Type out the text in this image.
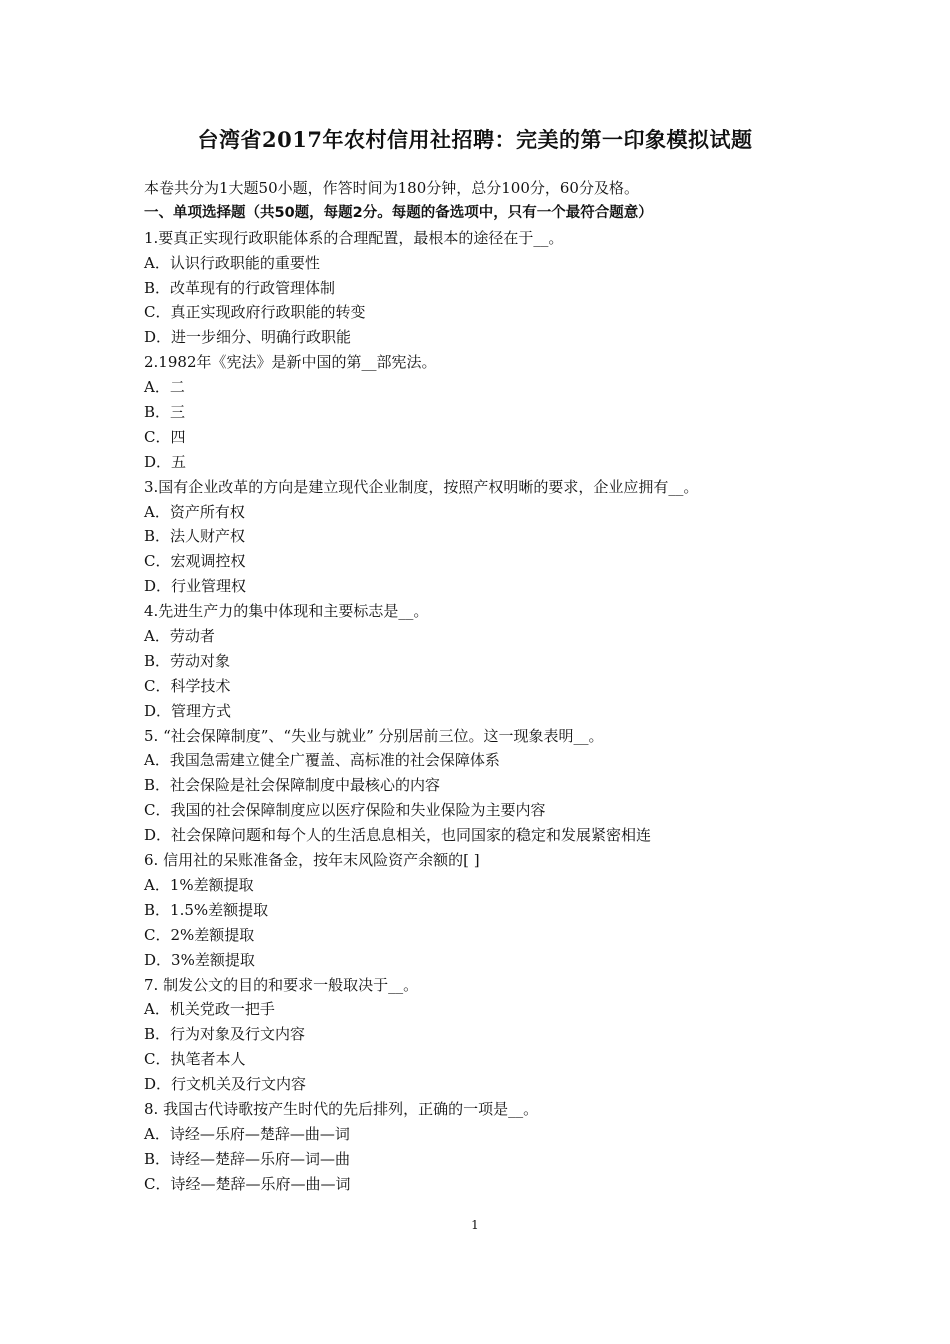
台湾省2017年农村信用社招聘：完美的第一印象模拟试题
本卷共分为1大题50小题，作答时间为180分钟，总分100分，60分及格。
一、单项选择题（共50题，每题2分。每题的备选项中，只有一个最符合题意）
1.要真正实现行政职能体系的合理配置，最根本的途径在于__。
A．认识行政职能的重要性
B．改革现有的行政管理体制
C．真正实现政府行政职能的转变
D．进一步细分、明确行政职能
2.1982年《宪法》是新中国的第__部宪法。
A．二
B．三
C．四
D．五
3.国有企业改革的方向是建立现代企业制度，按照产权明晰的要求，企业应拥有__。
A．资产所有权
B．法人财产权
C．宏观调控权
D．行业管理权
4.先进生产力的集中体现和主要标志是__。
A．劳动者
B．劳动对象
C．科学技术
D．管理方式
5. “社会保障制度”、“失业与就业” 分别居前三位。这一现象表明__。
A．我国急需建立健全广覆盖、高标准的社会保障体系
B．社会保险是社会保障制度中最核心的内容
C．我国的社会保障制度应以医疗保险和失业保险为主要内容
D．社会保障问题和每个人的生活息息相关，也同国家的稳定和发展紧密相连
6. 信用社的呆账准备金，按年末风险资产余额的[ ]
A．1%差额提取
B．1.5%差额提取
C．2%差额提取
D．3%差额提取
7. 制发公文的目的和要求一般取决于__。
A．机关党政一把手
B．行为对象及行文内容
C．执笔者本人
D．行文机关及行文内容
8. 我国古代诗歌按产生时代的先后排列，正确的一项是__。
A．诗经—乐府—楚辞—曲—词
B．诗经—楚辞—乐府—词—曲
C．诗经—楚辞—乐府—曲—词
1
